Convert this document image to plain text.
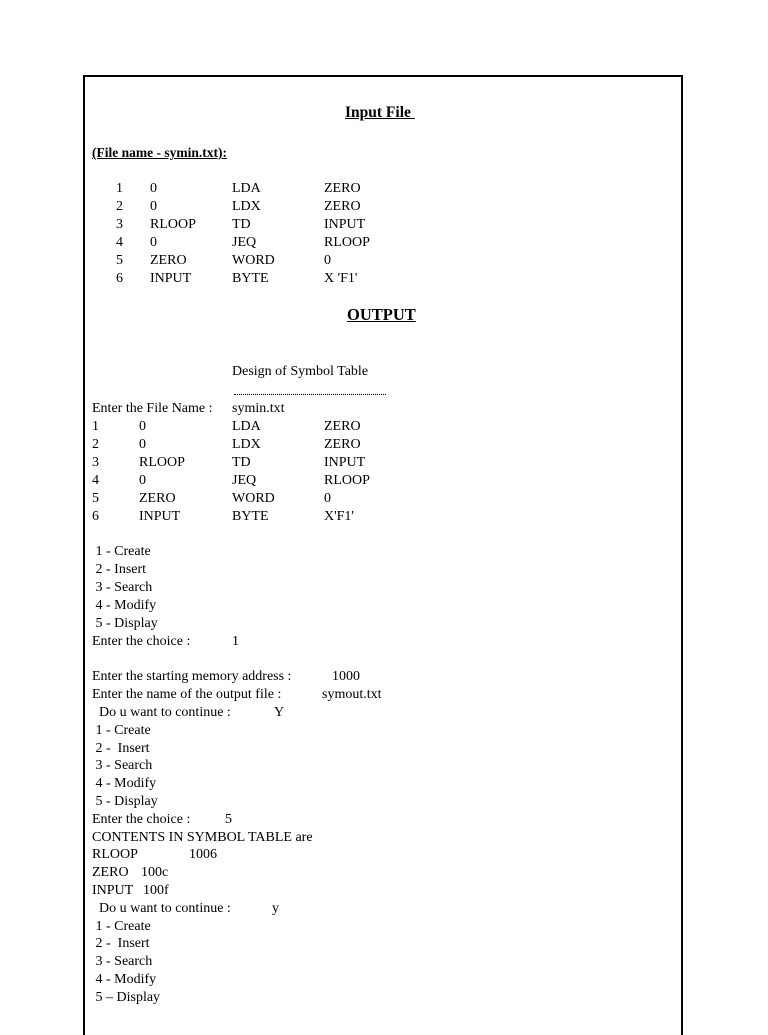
Input File
(File name - symin.txt):
1 0	LDA	ZERO
2 0	LDX	ZERO
3 RLOOP	TD	INPUT
4 0	JEQ	RLOOP
5 ZERO	WORD	0
6 INPUT	BYTE	X 'F1'
OUTPUT
Design of Symbol Table
Enter the File Name : symin.txt
1	0	LDA	ZERO
2	0	LDX	ZERO
3	RLOOP	TD	INPUT
4	0	JEQ	RLOOP
5	ZERO	WORD	0
6	INPUT	BYTE	X'F1'
1 - Create
2 - Insert
3 - Search
4 - Modify
5 - Display
Enter the choice :	1
Enter the starting memory address :	1000
Enter the name of the output file :	symout.txt
Do u want to continue :	Y
1 - Create
2 -  Insert
3 - Search
4 - Modify
5 - Display
Enter the choice : 5
CONTENTS IN SYMBOL TABLE are
RLOOP	1006
ZERO 100c
INPUT 100f
Do u want to continue :	y
1 - Create
2 -  Insert
3 - Search
4 - Modify
5 – Display
